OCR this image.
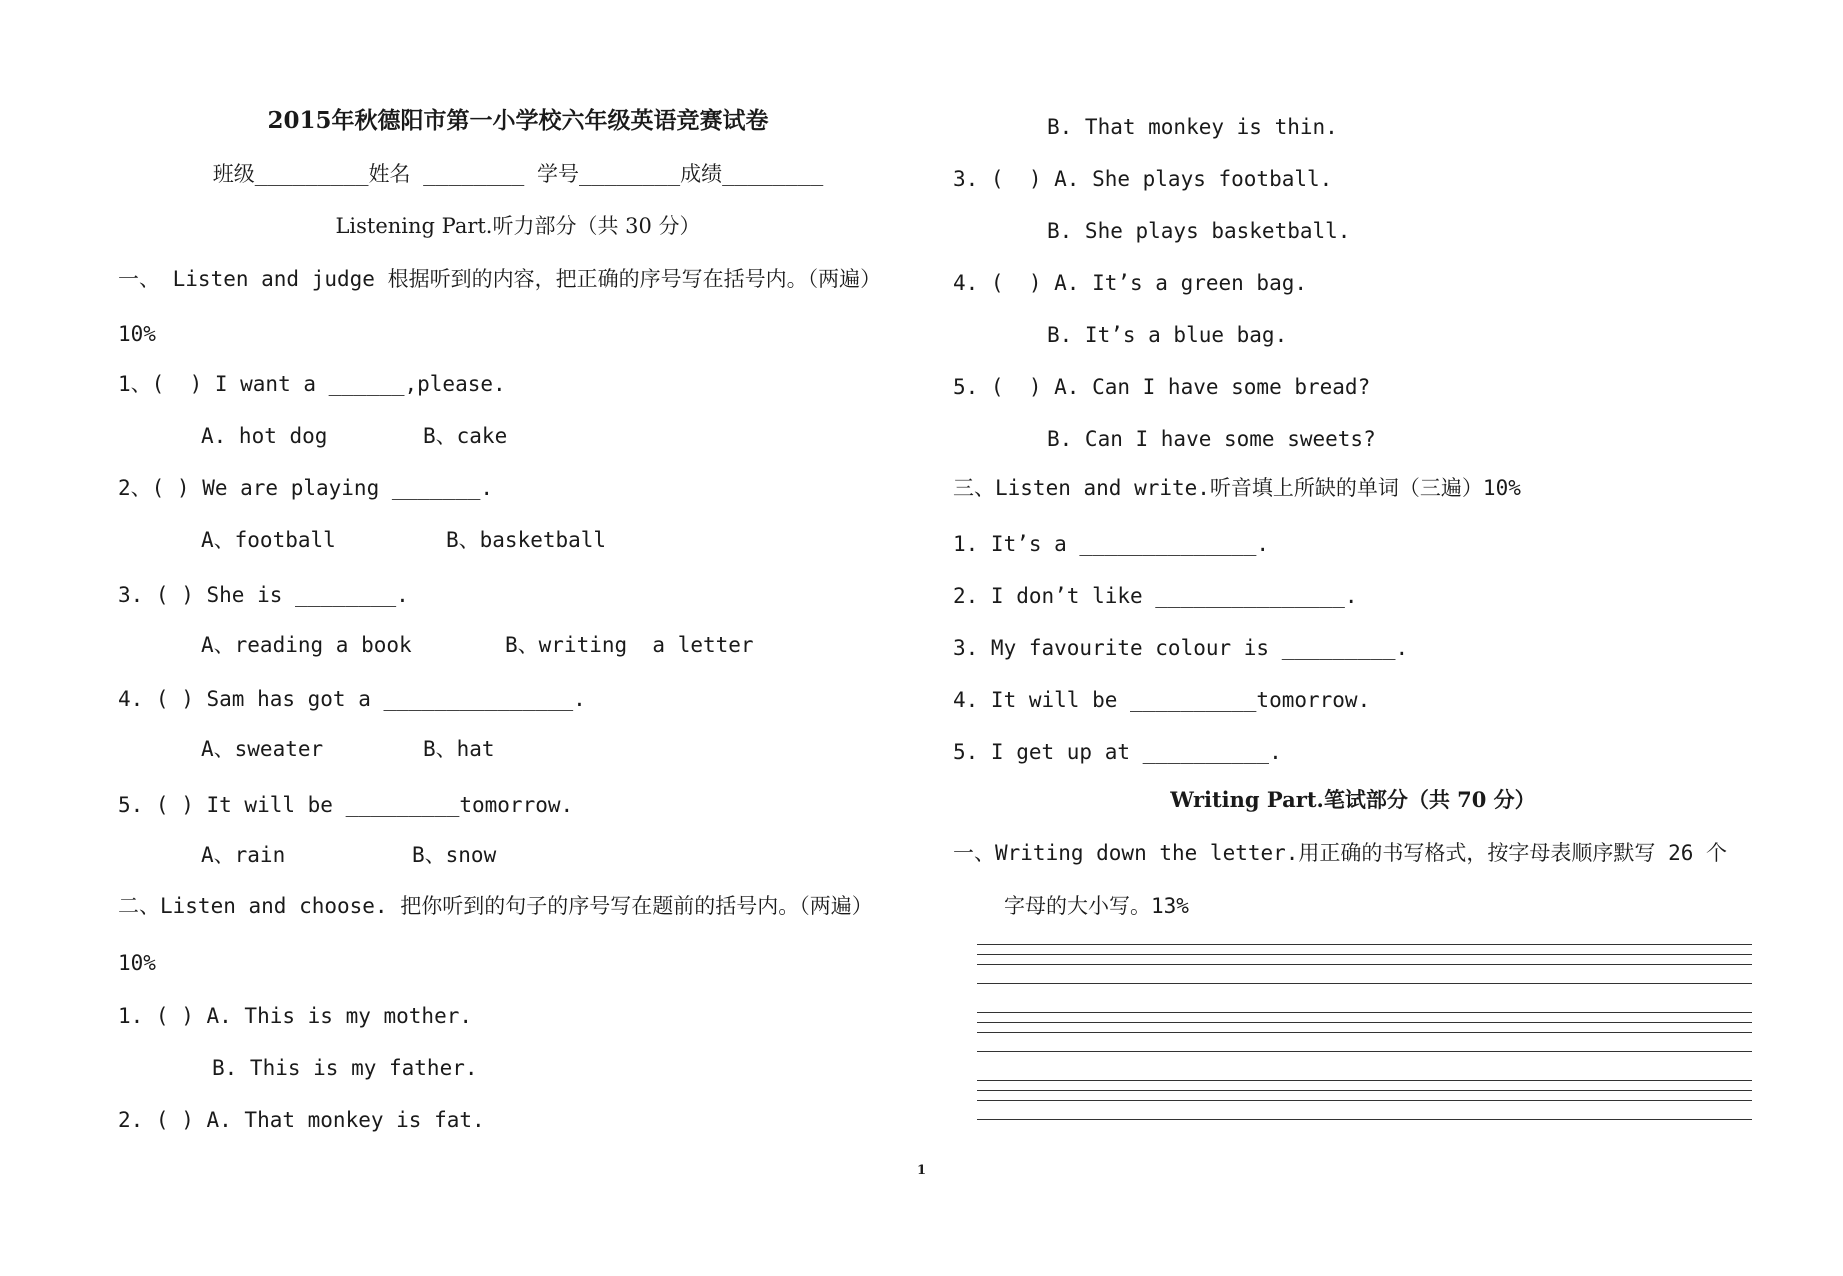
2015年秋德阳市第一小学校六年级英语竞赛试卷
班级_________姓名 ________ 学号________成绩________
Listening Part.听力部分（共 30 分）
一、 Listen and judge 根据听到的内容，把正确的序号写在括号内。（两遍）
10%
1、(  ) I want a ______,please.
A. hot dog	B、cake
2、( ) We are playing _______.
A、football	B、basketball
3. ( ) She is ________.
A、reading a book	B、writing  a letter
4. ( ) Sam has got a _______________.
A、sweater	B、hat
5. ( ) It will be _________tomorrow.
A、rain	B、snow
二、Listen and choose. 把你听到的句子的序号写在题前的括号内。（两遍）
10%
1. ( ) A. This is my mother.
B. This is my father.
2. ( ) A. That monkey is fat.
B. That monkey is thin.
3. (  ) A. She plays football.
B. She plays basketball.
4. (  ) A. It’s a green bag.
B. It’s a blue bag.
5. (  ) A. Can I have some bread?
B. Can I have some sweets?
三、Listen and write.听音填上所缺的单词（三遍）10%
1. It’s a ______________.
2. I don’t like _______________.
3. My favourite colour is _________.
4. It will be __________tomorrow.
5. I get up at __________.
Writing Part.笔试部分（共 70 分）
一、Writing down the letter.用正确的书写格式，按字母表顺序默写 26 个
字母的大小写。13%
1
